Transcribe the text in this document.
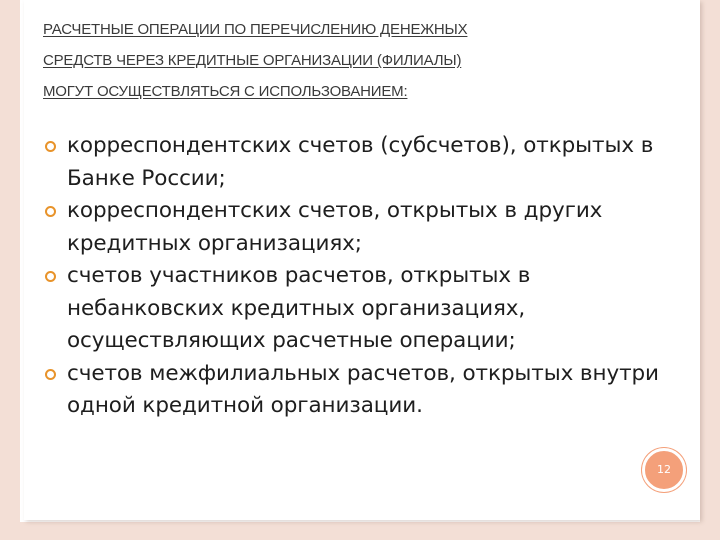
РАСЧЕТНЫЕ ОПЕРАЦИИ ПО ПЕРЕЧИСЛЕНИЮ ДЕНЕЖНЫХ
СРЕДСТВ ЧЕРЕЗ КРЕДИТНЫЕ ОРГАНИЗАЦИИ (ФИЛИАЛЫ)
МОГУТ ОСУЩЕСТВЛЯТЬСЯ С ИСПОЛЬЗОВАНИЕМ:
корреспондентских счетов (субсчетов), открытых в Банке России;
корреспондентских счетов, открытых в других кредитных организациях;
счетов участников расчетов, открытых в небанковских кредитных организациях, осуществляющих расчетные операции;
счетов межфилиальных расчетов, открытых внутри одной кредитной организации.
12
